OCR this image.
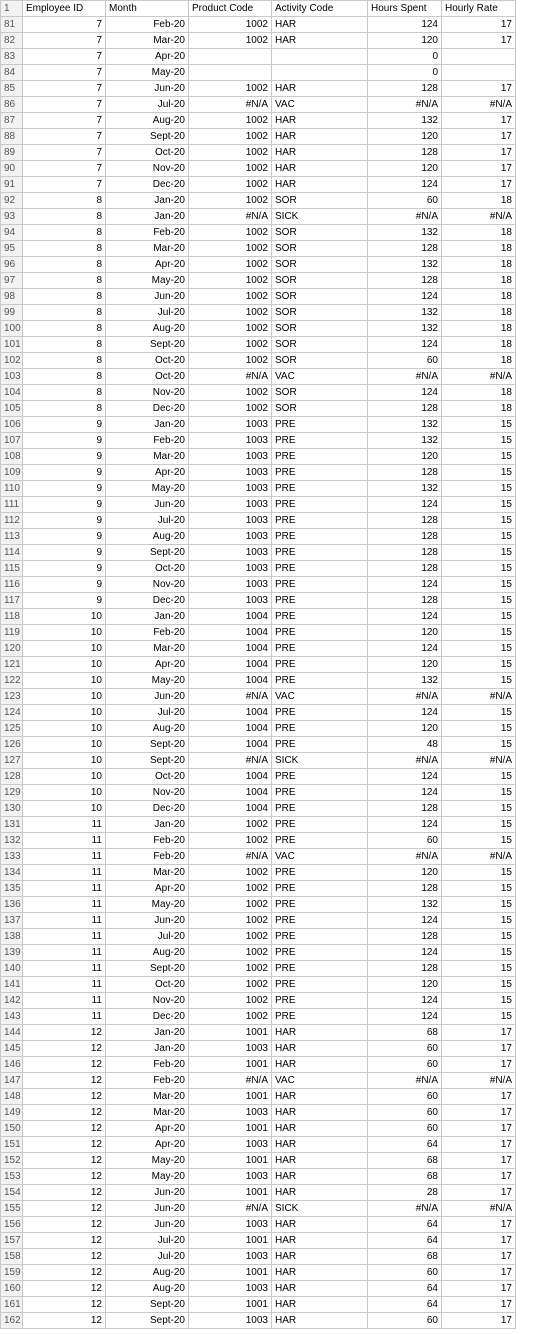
1	Employee ID	Month	Product Code	Activity Code	Hours Spent	Hourly Rate
81	7	Feb-20	1002	HAR	124	17
82	7	Mar-20	1002	HAR	120	17
83	7	Apr-20			0	
84	7	May-20			0	
85	7	Jun-20	1002	HAR	128	17
86	7	Jul-20	#N/A	VAC	#N/A	#N/A
87	7	Aug-20	1002	HAR	132	17
88	7	Sept-20	1002	HAR	120	17
89	7	Oct-20	1002	HAR	128	17
90	7	Nov-20	1002	HAR	120	17
91	7	Dec-20	1002	HAR	124	17
92	8	Jan-20	1002	SOR	60	18
93	8	Jan-20	#N/A	SICK	#N/A	#N/A
94	8	Feb-20	1002	SOR	132	18
95	8	Mar-20	1002	SOR	128	18
96	8	Apr-20	1002	SOR	132	18
97	8	May-20	1002	SOR	128	18
98	8	Jun-20	1002	SOR	124	18
99	8	Jul-20	1002	SOR	132	18
100	8	Aug-20	1002	SOR	132	18
101	8	Sept-20	1002	SOR	124	18
102	8	Oct-20	1002	SOR	60	18
103	8	Oct-20	#N/A	VAC	#N/A	#N/A
104	8	Nov-20	1002	SOR	124	18
105	8	Dec-20	1002	SOR	128	18
106	9	Jan-20	1003	PRE	132	15
107	9	Feb-20	1003	PRE	132	15
108	9	Mar-20	1003	PRE	120	15
109	9	Apr-20	1003	PRE	128	15
110	9	May-20	1003	PRE	132	15
111	9	Jun-20	1003	PRE	124	15
112	9	Jul-20	1003	PRE	128	15
113	9	Aug-20	1003	PRE	128	15
114	9	Sept-20	1003	PRE	128	15
115	9	Oct-20	1003	PRE	128	15
116	9	Nov-20	1003	PRE	124	15
117	9	Dec-20	1003	PRE	128	15
118	10	Jan-20	1004	PRE	124	15
119	10	Feb-20	1004	PRE	120	15
120	10	Mar-20	1004	PRE	124	15
121	10	Apr-20	1004	PRE	120	15
122	10	May-20	1004	PRE	132	15
123	10	Jun-20	#N/A	VAC	#N/A	#N/A
124	10	Jul-20	1004	PRE	124	15
125	10	Aug-20	1004	PRE	120	15
126	10	Sept-20	1004	PRE	48	15
127	10	Sept-20	#N/A	SICK	#N/A	#N/A
128	10	Oct-20	1004	PRE	124	15
129	10	Nov-20	1004	PRE	124	15
130	10	Dec-20	1004	PRE	128	15
131	11	Jan-20	1002	PRE	124	15
132	11	Feb-20	1002	PRE	60	15
133	11	Feb-20	#N/A	VAC	#N/A	#N/A
134	11	Mar-20	1002	PRE	120	15
135	11	Apr-20	1002	PRE	128	15
136	11	May-20	1002	PRE	132	15
137	11	Jun-20	1002	PRE	124	15
138	11	Jul-20	1002	PRE	128	15
139	11	Aug-20	1002	PRE	124	15
140	11	Sept-20	1002	PRE	128	15
141	11	Oct-20	1002	PRE	120	15
142	11	Nov-20	1002	PRE	124	15
143	11	Dec-20	1002	PRE	124	15
144	12	Jan-20	1001	HAR	68	17
145	12	Jan-20	1003	HAR	60	17
146	12	Feb-20	1001	HAR	60	17
147	12	Feb-20	#N/A	VAC	#N/A	#N/A
148	12	Mar-20	1001	HAR	60	17
149	12	Mar-20	1003	HAR	60	17
150	12	Apr-20	1001	HAR	60	17
151	12	Apr-20	1003	HAR	64	17
152	12	May-20	1001	HAR	68	17
153	12	May-20	1003	HAR	68	17
154	12	Jun-20	1001	HAR	28	17
155	12	Jun-20	#N/A	SICK	#N/A	#N/A
156	12	Jun-20	1003	HAR	64	17
157	12	Jul-20	1001	HAR	64	17
158	12	Jul-20	1003	HAR	68	17
159	12	Aug-20	1001	HAR	60	17
160	12	Aug-20	1003	HAR	64	17
161	12	Sept-20	1001	HAR	64	17
162	12	Sept-20	1003	HAR	60	17
